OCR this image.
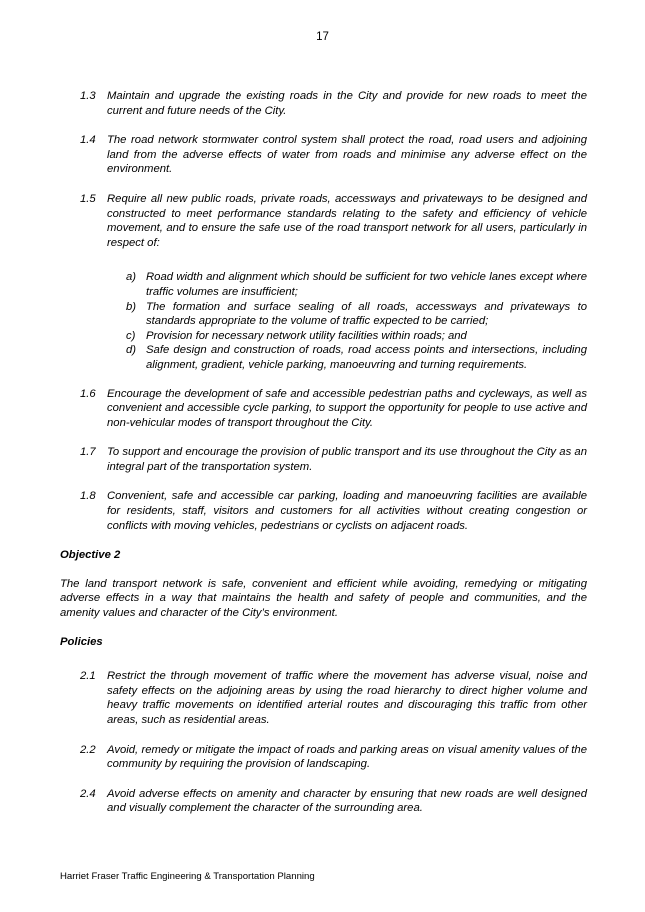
17
1.3 Maintain and upgrade the existing roads in the City and provide for new roads to meet the current and future needs of the City.
1.4 The road network stormwater control system shall protect the road, road users and adjoining land from the adverse effects of water from roads and minimise any adverse effect on the environment.
1.5 Require all new public roads, private roads, accessways and privateways to be designed and constructed to meet performance standards relating to the safety and efficiency of vehicle movement, and to ensure the safe use of the road transport network for all users, particularly in respect of:
a) Road width and alignment which should be sufficient for two vehicle lanes except where traffic volumes are insufficient;
b) The formation and surface sealing of all roads, accessways and privateways to standards appropriate to the volume of traffic expected to be carried;
c) Provision for necessary network utility facilities within roads; and
d) Safe design and construction of roads, road access points and intersections, including alignment, gradient, vehicle parking, manoeuvring and turning requirements.
1.6 Encourage the development of safe and accessible pedestrian paths and cycleways, as well as convenient and accessible cycle parking, to support the opportunity for people to use active and non-vehicular modes of transport throughout the City.
1.7 To support and encourage the provision of public transport and its use throughout the City as an integral part of the transportation system.
1.8 Convenient, safe and accessible car parking, loading and manoeuvring facilities are available for residents, staff, visitors and customers for all activities without creating congestion or conflicts with moving vehicles, pedestrians or cyclists on adjacent roads.
Objective 2
The land transport network is safe, convenient and efficient while avoiding, remedying or mitigating adverse effects in a way that maintains the health and safety of people and communities, and the amenity values and character of the City’s environment.
Policies
2.1 Restrict the through movement of traffic where the movement has adverse visual, noise and safety effects on the adjoining areas by using the road hierarchy to direct higher volume and heavy traffic movements on identified arterial routes and discouraging this traffic from other areas, such as residential areas.
2.2 Avoid, remedy or mitigate the impact of roads and parking areas on visual amenity values of the community by requiring the provision of landscaping.
2.4 Avoid adverse effects on amenity and character by ensuring that new roads are well designed and visually complement the character of the surrounding area.
Harriet Fraser Traffic Engineering & Transportation Planning
